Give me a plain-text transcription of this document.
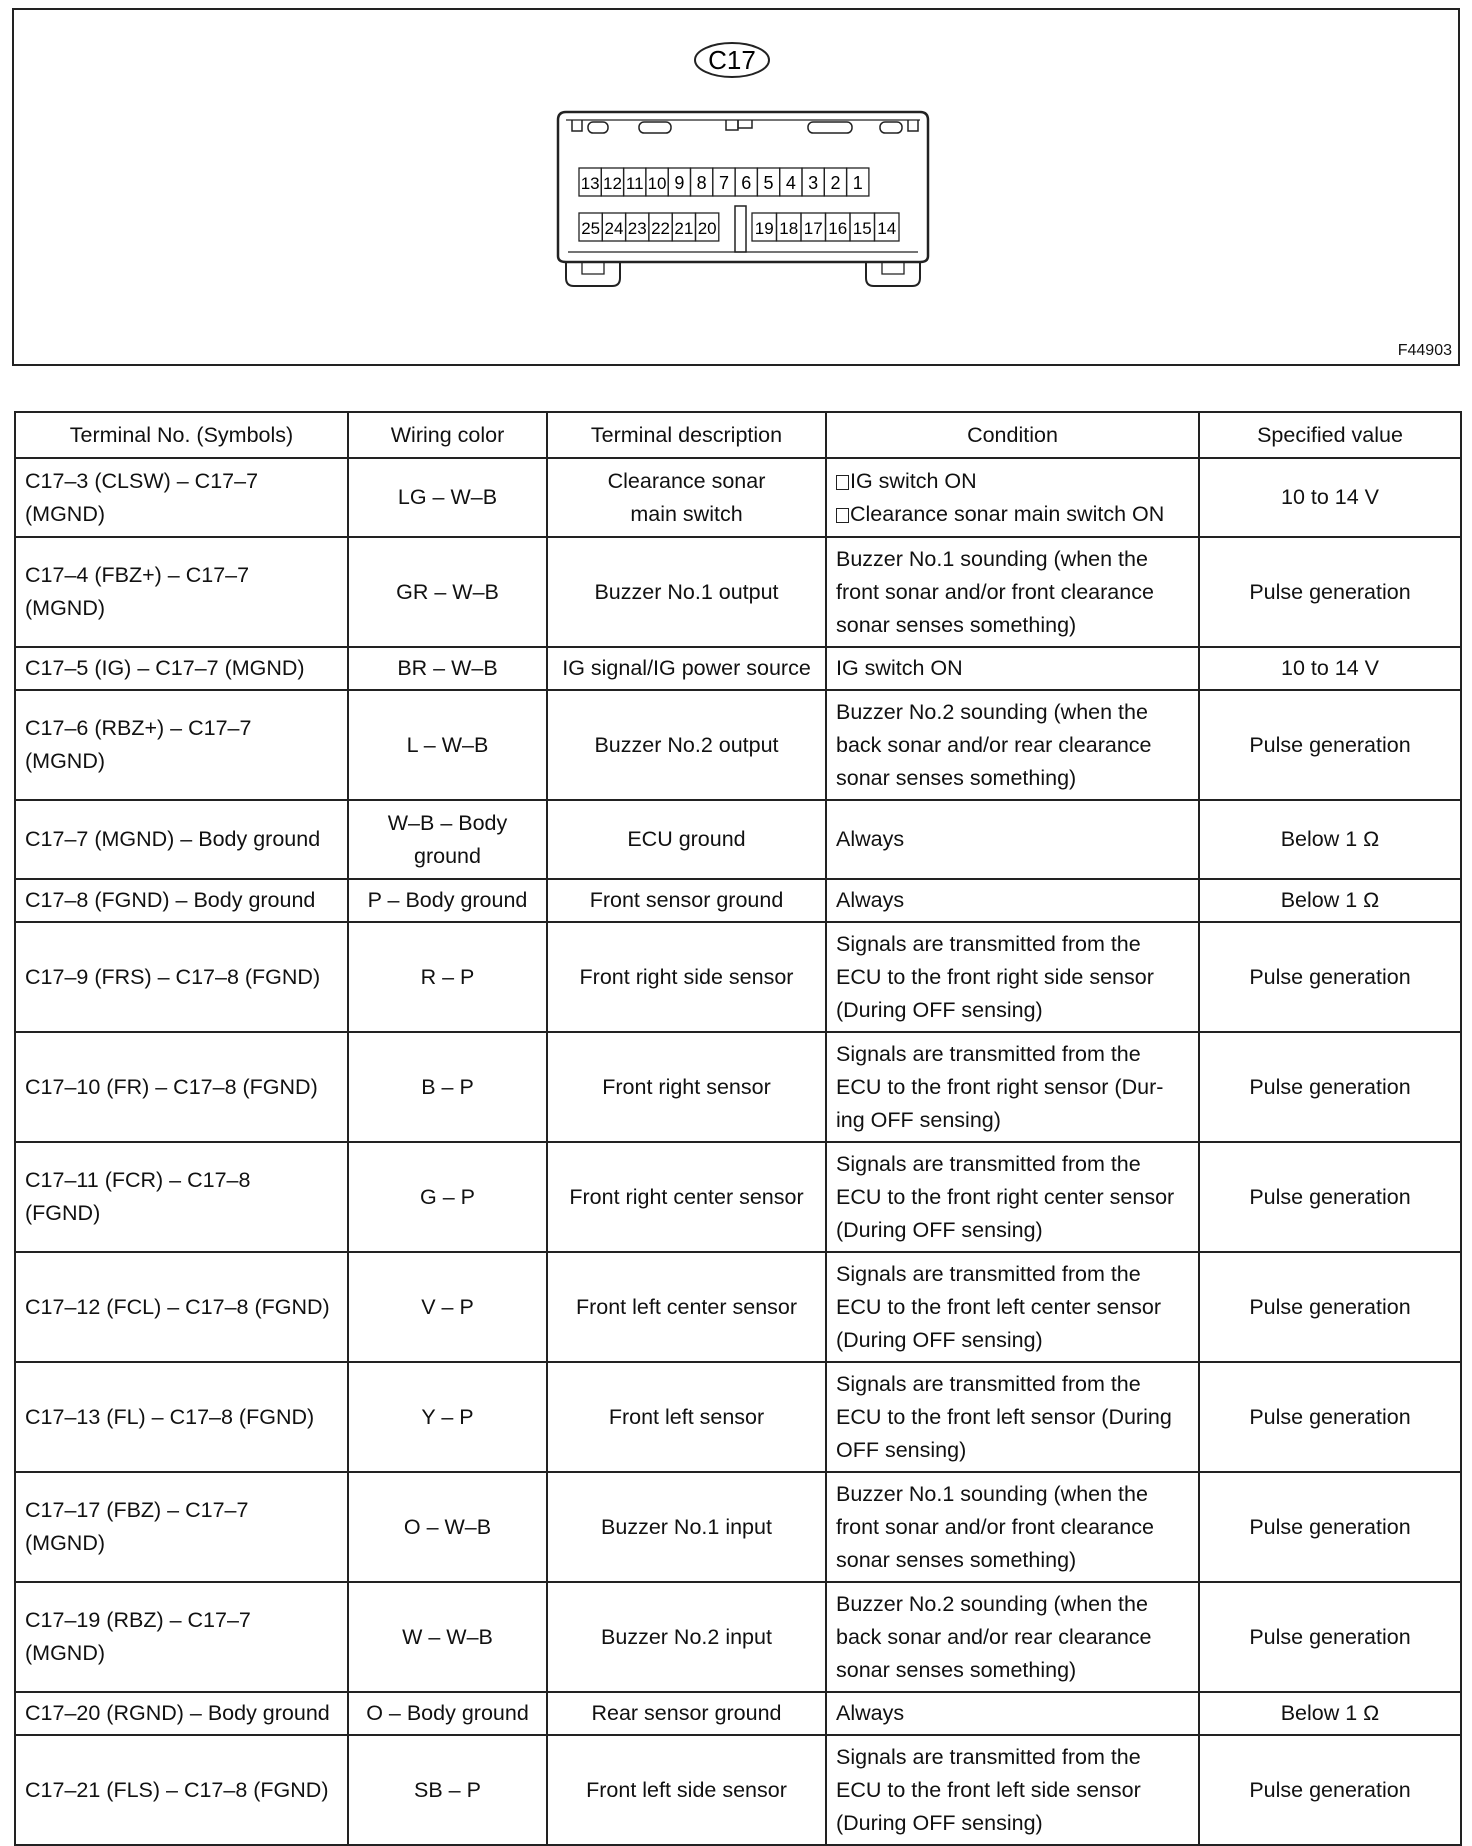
C17
13 12 11 10 9 8 7 6 5 4 3 2 1
25 24 23 22 21 20 19 18 17 16 15 14
F44903
Terminal No. (Symbols)	Wiring color	Terminal description	Condition	Specified value
C17–3 (CLSW) – C17–7
(MGND)	LG – W–B	Clearance sonar
main switch	IG switch ON
Clearance sonar main switch ON	10 to 14 V
C17–4 (FBZ+) – C17–7
(MGND)	GR – W–B	Buzzer No.1 output	Buzzer No.1 sounding (when the
front sonar and/or front clearance
sonar senses something)	Pulse generation
C17–5 (IG) – C17–7 (MGND)	BR – W–B	IG signal/IG power source	IG switch ON	10 to 14 V
C17–6 (RBZ+) – C17–7
(MGND)	L – W–B	Buzzer No.2 output	Buzzer No.2 sounding (when the
back sonar and/or rear clearance
sonar senses something)	Pulse generation
C17–7 (MGND) – Body ground	W–B – Body
ground	ECU ground	Always	Below 1 Ω
C17–8 (FGND) – Body ground	P – Body ground	Front sensor ground	Always	Below 1 Ω
C17–9 (FRS) – C17–8 (FGND)	R – P	Front right side sensor	Signals are transmitted from the
ECU to the front right side sensor
(During OFF sensing)	Pulse generation
C17–10 (FR) – C17–8 (FGND)	B – P	Front right sensor	Signals are transmitted from the
ECU to the front right sensor (Dur-
ing OFF sensing)	Pulse generation
C17–11 (FCR) – C17–8
(FGND)	G – P	Front right center sensor	Signals are transmitted from the
ECU to the front right center sensor
(During OFF sensing)	Pulse generation
C17–12 (FCL) – C17–8 (FGND)	V – P	Front left center sensor	Signals are transmitted from the
ECU to the front left center sensor
(During OFF sensing)	Pulse generation
C17–13 (FL) – C17–8 (FGND)	Y – P	Front left sensor	Signals are transmitted from the
ECU to the front left sensor (During
OFF sensing)	Pulse generation
C17–17 (FBZ) – C17–7
(MGND)	O – W–B	Buzzer No.1 input	Buzzer No.1 sounding (when the
front sonar and/or front clearance
sonar senses something)	Pulse generation
C17–19 (RBZ) – C17–7
(MGND)	W – W–B	Buzzer No.2 input	Buzzer No.2 sounding (when the
back sonar and/or rear clearance
sonar senses something)	Pulse generation
C17–20 (RGND) – Body ground	O – Body ground	Rear sensor ground	Always	Below 1 Ω
C17–21 (FLS) – C17–8 (FGND)	SB – P	Front left side sensor	Signals are transmitted from the
ECU to the front left side sensor
(During OFF sensing)	Pulse generation
